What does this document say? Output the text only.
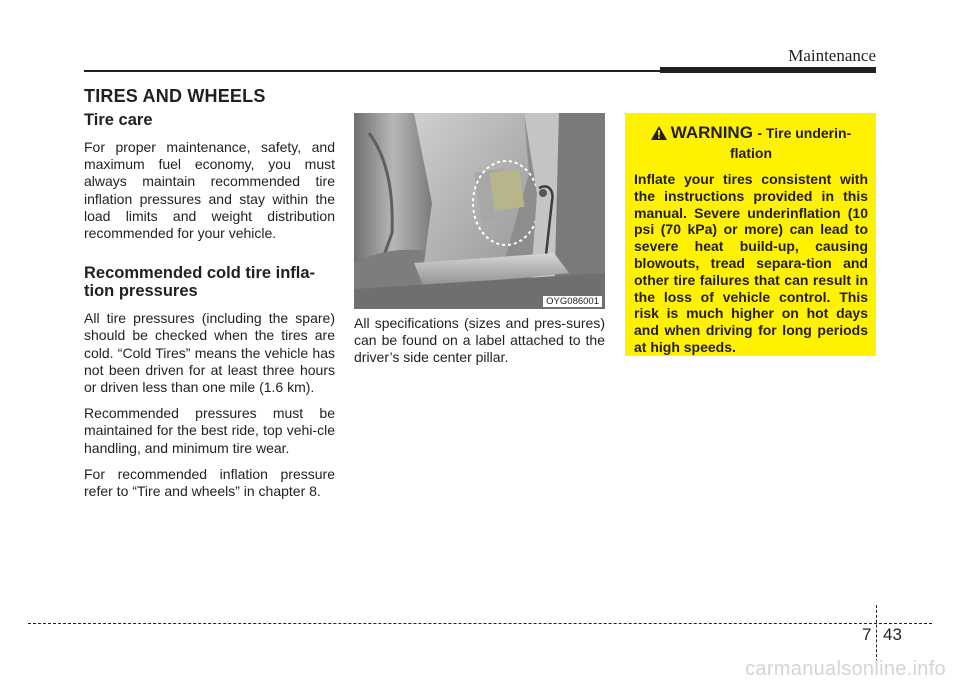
Maintenance
TIRES AND WHEELS
Tire care

For proper maintenance, safety, and maximum fuel economy, you must always maintain recommended tire inflation pressures and stay within the load limits and weight distribution recommended for your vehicle.

Recommended cold tire infla-tion pressures

All tire pressures (including the spare) should be checked when the tires are cold. “Cold Tires” means the vehicle has not been driven for at least three hours or driven less than one mile (1.6 km).

Recommended pressures must be maintained for the best ride, top vehi-cle handling, and minimum tire wear.

For recommended inflation pressure refer to “Tire and wheels” in chapter 8.

OYG086001

All specifications (sizes and pres-sures) can be found on a label attached to the driver’s side center pillar.

WARNING - Tire underin-flation
Inflate your tires consistent with the instructions provided in this manual. Severe underinflation (10 psi (70 kPa) or more) can lead to severe heat build-up, causing blowouts, tread separa-tion and other tire failures that can result in the loss of vehicle control. This risk is much higher on hot days and when driving for long periods at high speeds.
7 43
carmanualsonline.info
